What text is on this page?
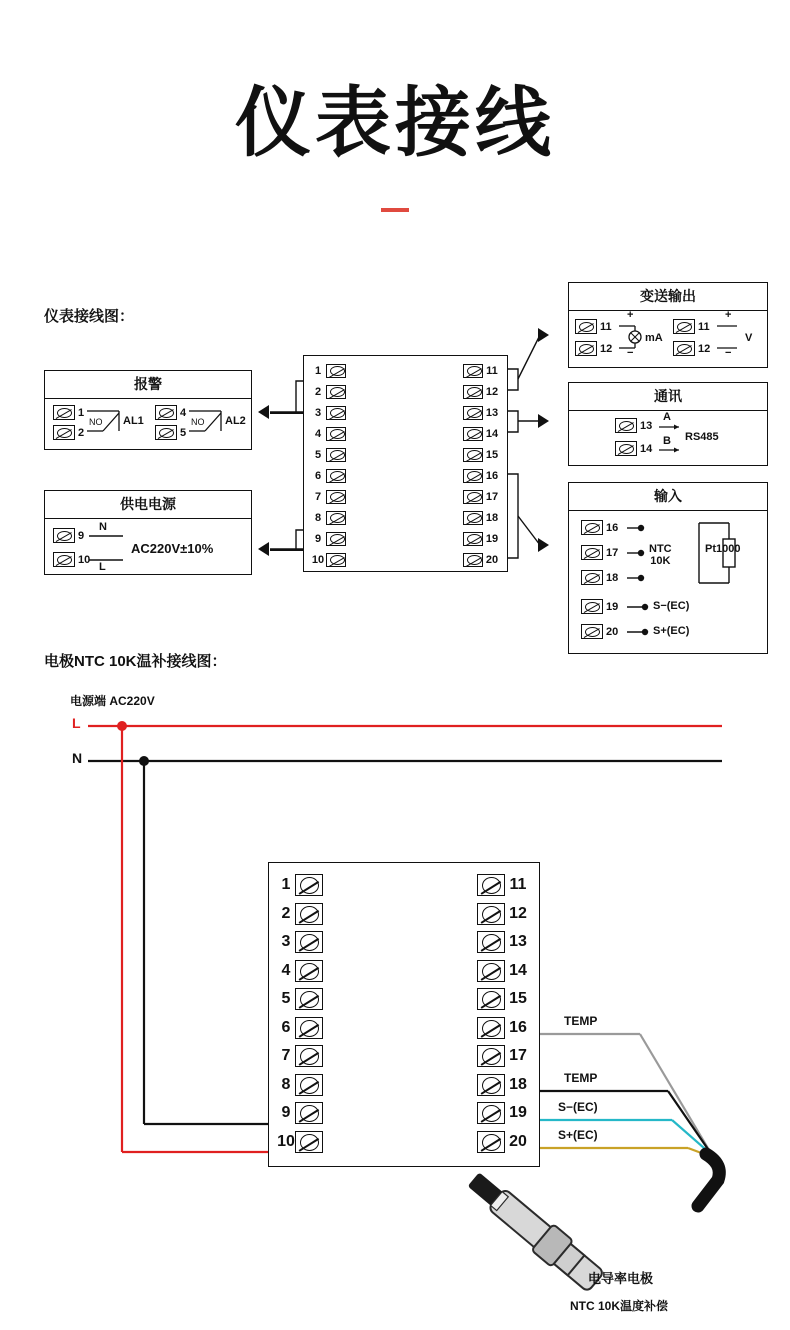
仪表接线
仪表接线图：
报警
1
2
NO AL1
4
5
NO AL2
供电电源
9
10
N
L
AC220V±10%
1
2
3
4
5
6
7
8
9
10
11
12
13
14
15
16
17
18
19
20
变送输出
11
12
+
−
mA
11
12
+
−
V
通讯
13
14
A
B RS485
输入
16
17
18
19
20
NTC
10K
Pt1000
S−(EC)
S+(EC)
电极NTC 10K温补接线图：
电源端 AC220V
L
N
1
2
3
4
5
6
7
8
9
10
11
12
13
14
15
16
17
18
19
20
TEMP
TEMP
S−(EC)
S+(EC)
电导率电极
NTC 10K温度补偿
